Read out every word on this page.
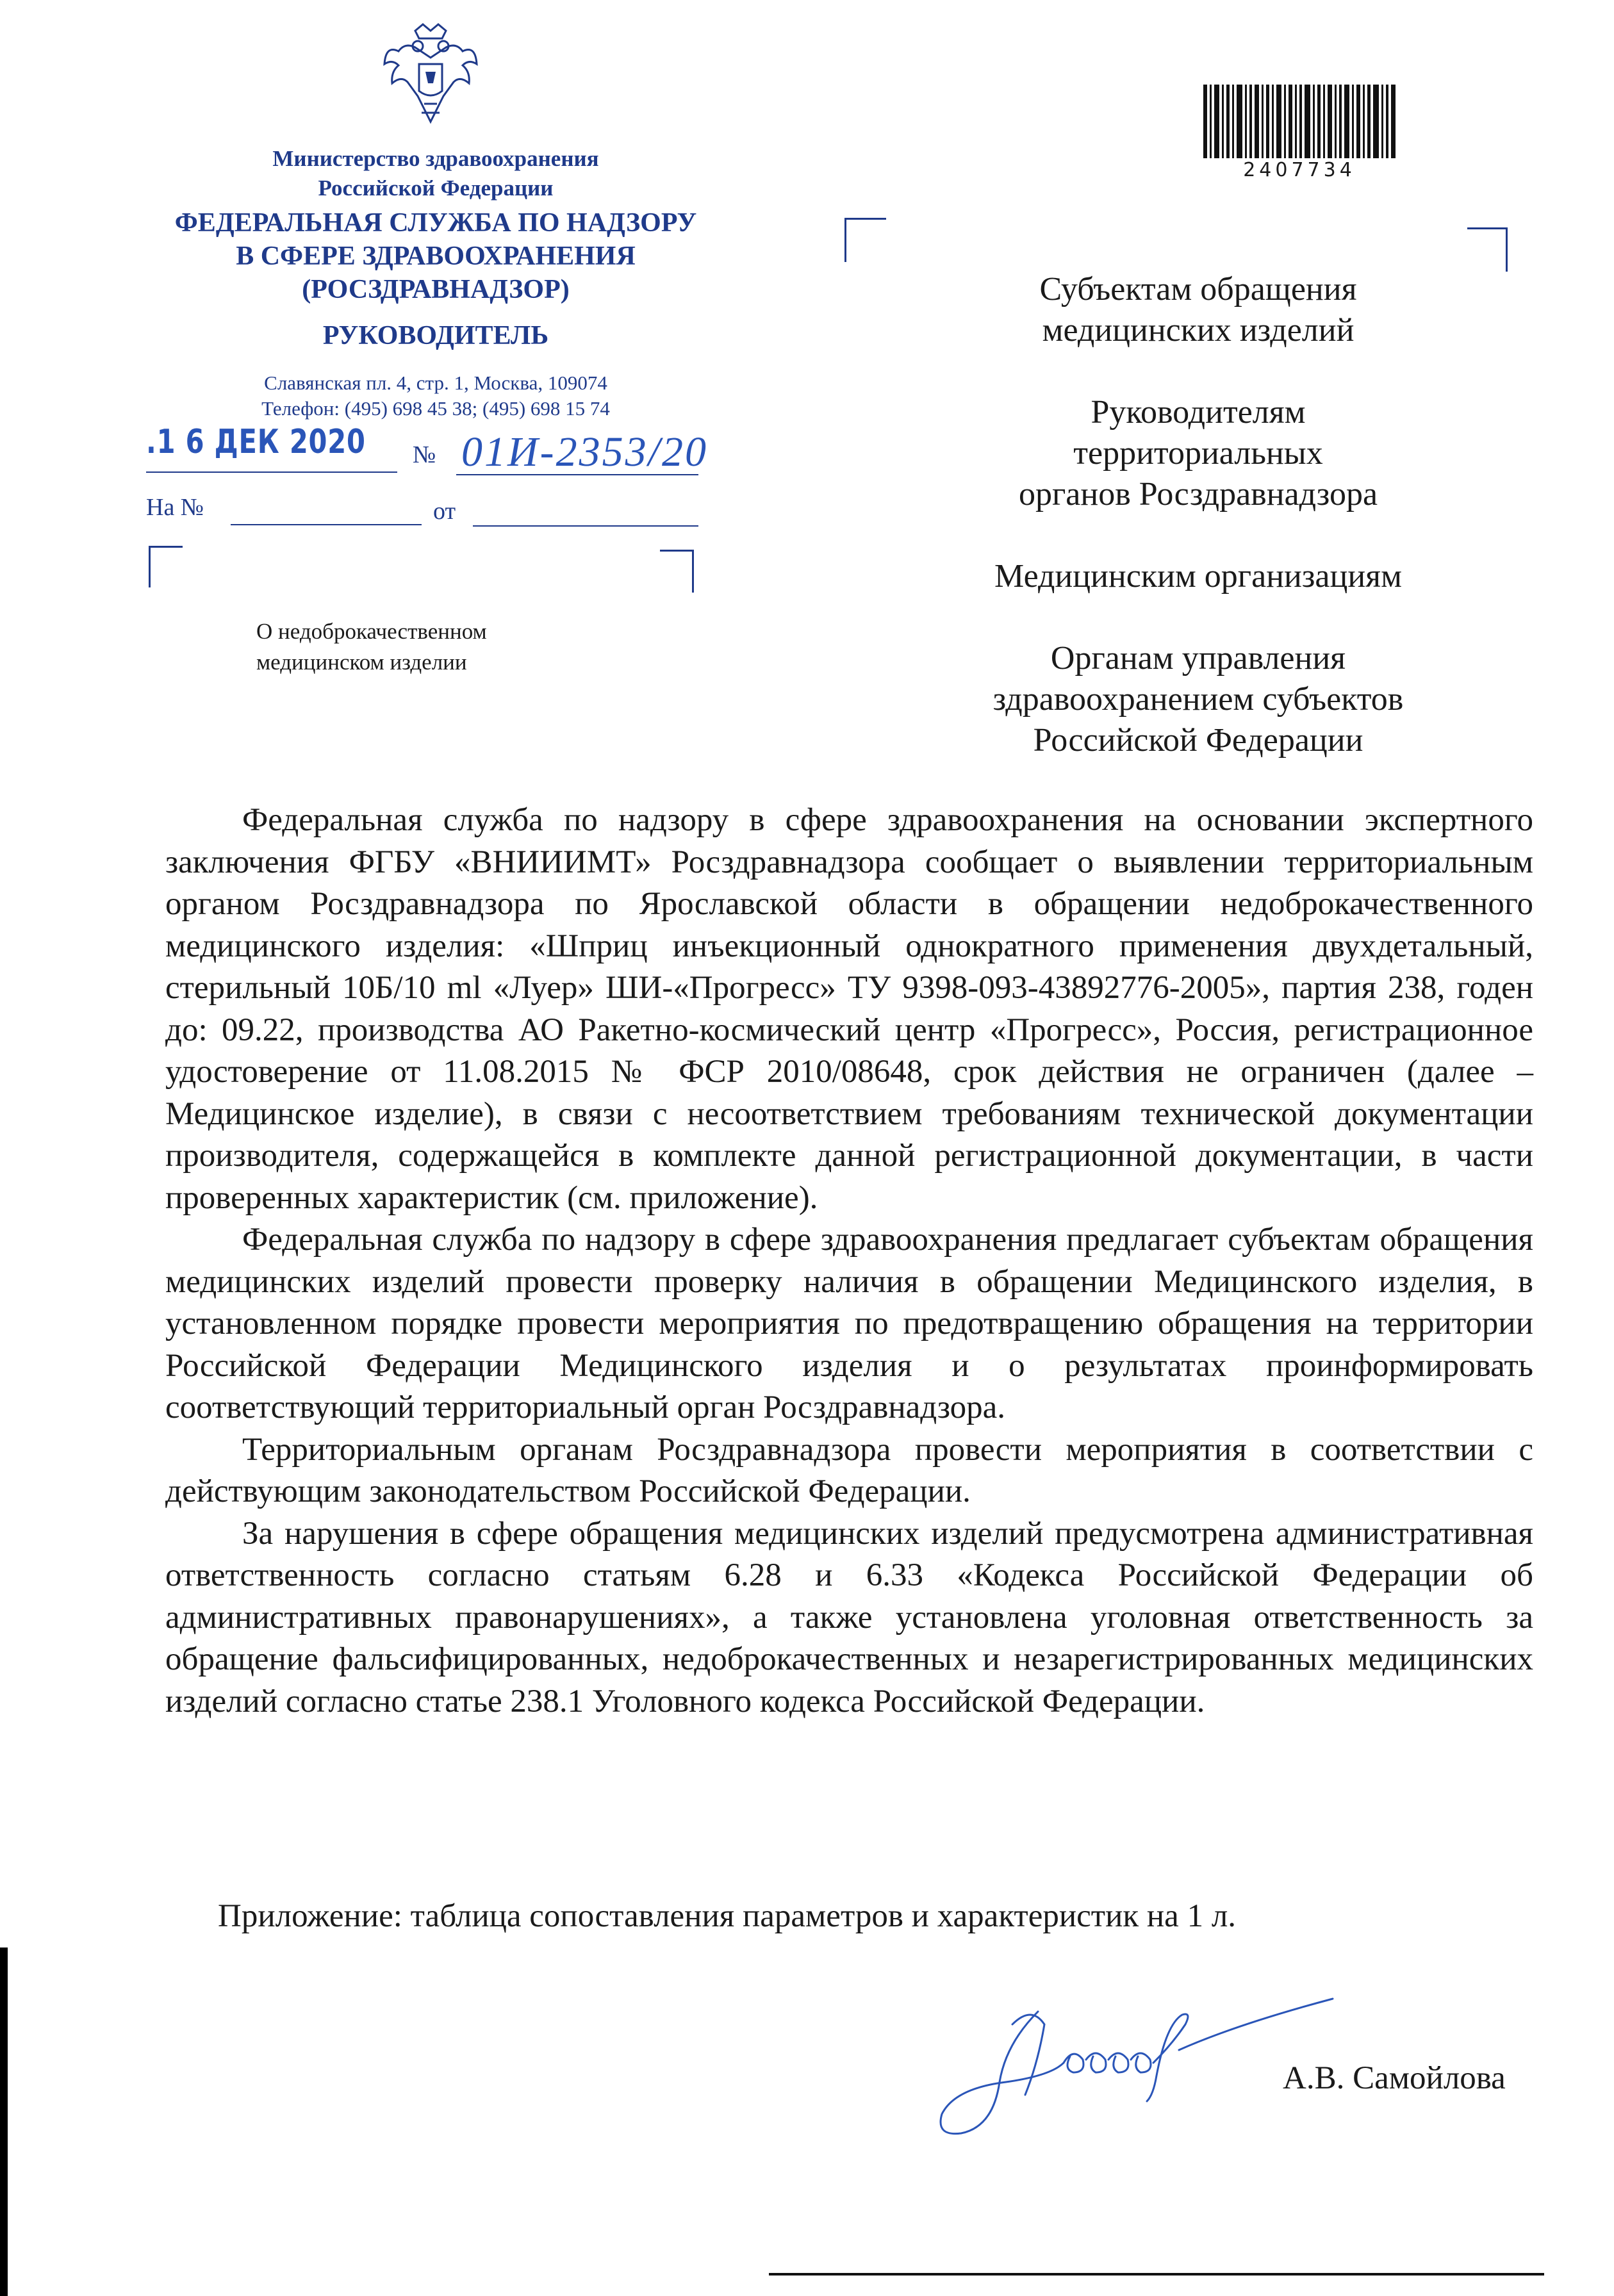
Министерство здравоохранения
Российской Федерации
ФЕДЕРАЛЬНАЯ СЛУЖБА ПО НАДЗОРУ
В СФЕРЕ ЗДРАВООХРАНЕНИЯ
(РОСЗДРАВНАДЗОР)
РУКОВОДИТЕЛЬ
Славянская пл. 4, стр. 1, Москва, 109074
Телефон: (495) 698 45 38; (495) 698 15 74
.1 6 ДЕК 2020 № 01И-2353/20
На №	от
О недоброкачественном
медицинском изделии
2407734
Субъектам обращения
медицинских изделий
Руководителям
территориальных
органов Росздравнадзора
Медицинским организациям
Органам управления
здравоохранением субъектов
Российской Федерации

Федеральная служба по надзору в сфере здравоохранения на основании экспертного заключения ФГБУ «ВНИИИМТ» Росздравнадзора сообщает о выявлении территориальным органом Росздравнадзора по Ярославской области в обращении недоброкачественного медицинского изделия: «Шприц инъекционный однократного применения двухдетальный, стерильный 10Б/10 ml «Луер» ШИ-«Прогресс» ТУ 9398-093-43892776-2005», партия 238, годен до: 09.22, производства АО Ракетно-космический центр «Прогресс», Россия, регистрационное удостоверение от 11.08.2015 № ФСР 2010/08648, срок действия не ограничен (далее – Медицинское изделие), в связи с несоответствием требованиям технической документации производителя, содержащейся в комплекте данной регистрационной документации, в части проверенных характеристик (см. приложение).

Федеральная служба по надзору в сфере здравоохранения предлагает субъектам обращения медицинских изделий провести проверку наличия в обращении Медицинского изделия, в установленном порядке провести мероприятия по предотвращению обращения на территории Российской Федерации Медицинского изделия и о результатах проинформировать соответствующий территориальный орган Росздравнадзора.

Территориальным органам Росздравнадзора провести мероприятия в соответствии с действующим законодательством Российской Федерации.

За нарушения в сфере обращения медицинских изделий предусмотрена административная ответственность согласно статьям 6.28 и 6.33 «Кодекса Российской Федерации об административных правонарушениях», а также установлена уголовная ответственность за обращение фальсифицированных, недоброкачественных и незарегистрированных медицинских изделий согласно статье 238.1 Уголовного кодекса Российской Федерации.

Приложение: таблица сопоставления параметров и характеристик на 1 л.
А.В. Самойлова
